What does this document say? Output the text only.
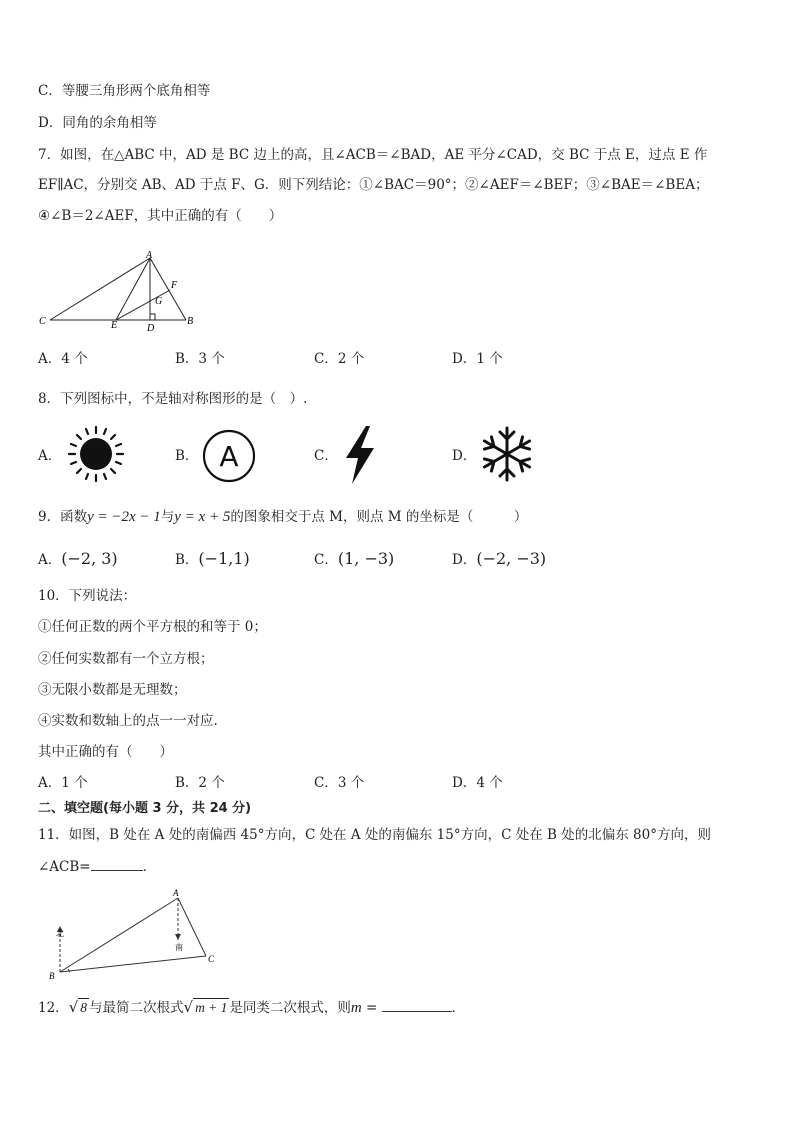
C．等腰三角形两个底角相等
D．同角的余角相等
7．如图，在△ABC 中，AD 是 BC 边上的高，且∠ACB＝∠BAD，AE 平分∠CAD，交 BC 于点 E，过点 E 作
EF∥AC，分别交 AB、AD 于点 F、G．则下列结论：①∠BAC＝90°；②∠AEF＝∠BEF；③∠BAE＝∠BEA；
④∠B＝2∠AEF，其中正确的有（　　）
A
B
C
D
E
F
G
A．4 个	B．3 个	C．2 个	D．1 个
8．下列图标中，不是轴对称图形的是（　）.
A．	B． A	C．	D．
9．函数y = −2x − 1与y = x + 5的图象相交于点 M，则点 M 的坐标是（　　　）
A．(−2, 3)	B．(−1,1)	C．(1, −3)	D．(−2, −3)
10．下列说法：
①任何正数的两个平方根的和等于 0；
②任何实数都有一个立方根；
③无限小数都是无理数；
④实数和数轴上的点一一对应.
其中正确的有（　　）
A．1 个	B．2 个	C．3 个	D．4 个
二、填空题(每小题 3 分，共 24 分)
11．如图，B 处在 A 处的南偏西 45°方向，C 处在 A 处的南偏东 15°方向，C 处在 B 处的北偏东 80°方向，则
∠ACB=	．
A
B
C
北
南
12．√ 8 与最简二次根式√ m + 1 是同类二次根式，则m =	．
